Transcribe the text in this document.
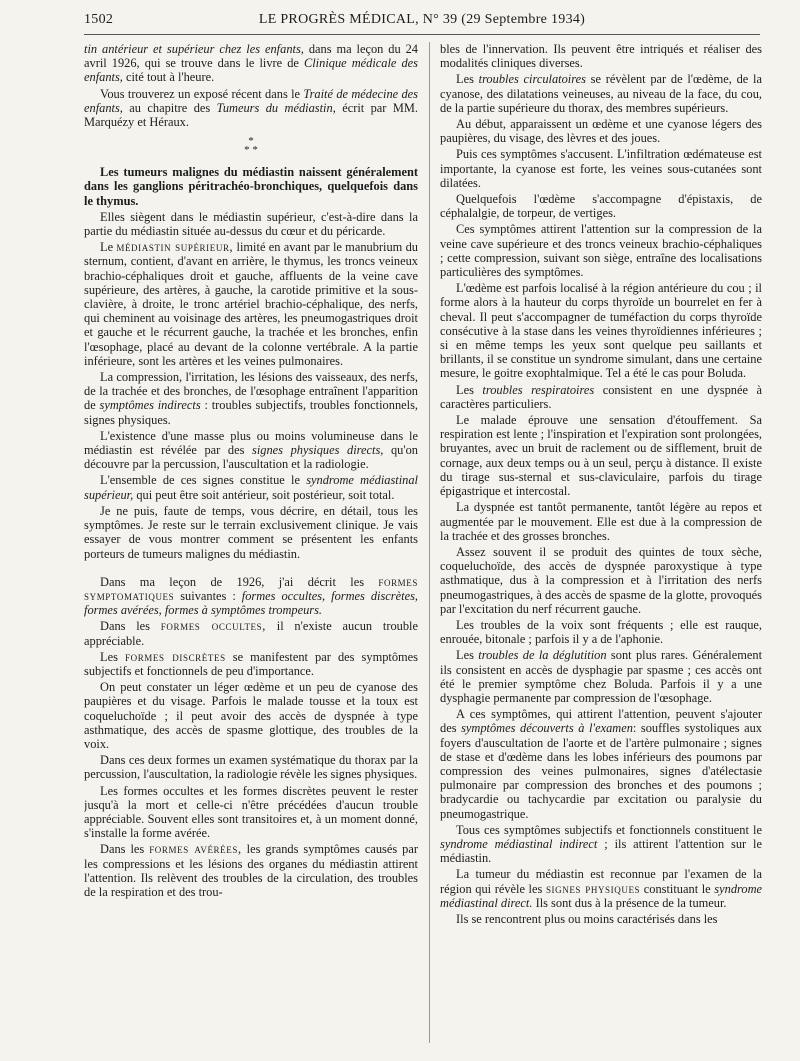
1502	LE PROGRÈS MÉDICAL, N° 39 (29 Septembre 1934)

tin antérieur et supérieur chez les enfants, dans ma leçon du 24 avril 1926, qui se trouve dans le livre de Clinique médicale des enfants, cité tout à l'heure.

Vous trouverez un exposé récent dans le Traité de médecine des enfants, au chapitre des Tumeurs du médiastin, écrit par MM. Marquézy et Héraux.

*
* *

Les tumeurs malignes du médiastin naissent généralement dans les ganglions péritrachéo-bronchiques, quelquefois dans le thymus.

Elles siègent dans le médiastin supérieur, c'est-à-dire dans la partie du médiastin située au-dessus du cœur et du péricarde.

Le médiastin supérieur, limité en avant par le manubrium du sternum, contient, d'avant en arrière, le thymus, les troncs veineux brachio-céphaliques droit et gauche, affluents de la veine cave supérieure, des artères, à gauche, la carotide primitive et la sous-clavière, à droite, le tronc artériel brachio-céphalique, des nerfs, qui cheminent au voisinage des artères, les pneumogastriques droit et gauche et le récurrent gauche, la trachée et les bronches, enfin l'œsophage, placé au devant de la colonne vertébrale. A la partie inférieure, sont les artères et les veines pulmonaires.

La compression, l'irritation, les lésions des vaisseaux, des nerfs, de la trachée et des bronches, de l'œsophage entraînent l'apparition de symptômes indirects : troubles subjectifs, troubles fonctionnels, signes physiques.

L'existence d'une masse plus ou moins volumineuse dans le médiastin est révélée par des signes physiques directs, qu'on découvre par la percussion, l'auscultation et la radiologie.

L'ensemble de ces signes constitue le syndrome médiastinal supérieur, qui peut être soit antérieur, soit postérieur, soit total.

Je ne puis, faute de temps, vous décrire, en détail, tous les symptômes. Je reste sur le terrain exclusivement clinique. Je vais essayer de vous montrer comment se présentent les enfants porteurs de tumeurs malignes du médiastin.

Dans ma leçon de 1926, j'ai décrit les formes symptomatiques suivantes : formes occultes, formes discrètes, formes avérées, formes à symptômes trompeurs.

Dans les formes occultes, il n'existe aucun trouble appréciable.

Les formes discrètes se manifestent par des symptômes subjectifs et fonctionnels de peu d'importance.

On peut constater un léger œdème et un peu de cyanose des paupières et du visage. Parfois le malade tousse et la toux est coqueluchoïde ; il peut avoir des accès de dyspnée à type asthmatique, des accès de spasme glottique, des troubles de la voix.

Dans ces deux formes un examen systématique du thorax par la percussion, l'auscultation, la radiologie révèle les signes physiques.

Les formes occultes et les formes discrètes peuvent le rester jusqu'à la mort et celle-ci n'être précédées d'aucun trouble appréciable. Souvent elles sont transitoires et, à un moment donné, s'installe la forme avérée.

Dans les formes avérées, les grands symptômes causés par les compressions et les lésions des organes du médiastin attirent l'attention. Ils relèvent des troubles de la circulation, des troubles de la respiration et des trou-

bles de l'innervation. Ils peuvent être intriqués et réaliser des modalités cliniques diverses.

Les troubles circulatoires se révèlent par de l'œdème, de la cyanose, des dilatations veineuses, au niveau de la face, du cou, de la partie supérieure du thorax, des membres supérieurs.

Au début, apparaissent un œdème et une cyanose légers des paupières, du visage, des lèvres et des joues.

Puis ces symptômes s'accusent. L'infiltration œdémateuse est importante, la cyanose est forte, les veines sous-cutanées sont dilatées.

Quelquefois l'œdème s'accompagne d'épistaxis, de céphalalgie, de torpeur, de vertiges.

Ces symptômes attirent l'attention sur la compression de la veine cave supérieure et des troncs veineux brachio-céphaliques ; cette compression, suivant son siège, entraîne des localisations particulières des symptômes.

L'œdème est parfois localisé à la région antérieure du cou ; il forme alors à la hauteur du corps thyroïde un bourrelet en fer à cheval. Il peut s'accompagner de tuméfaction du corps thyroïde consécutive à la stase dans les veines thyroïdiennes inférieures ; si en même temps les yeux sont quelque peu saillants et brillants, il se constitue un syndrome simulant, dans une certaine mesure, le goitre exophtalmique. Tel a été le cas pour Boluda.

Les troubles respiratoires consistent en une dyspnée à caractères particuliers.

Le malade éprouve une sensation d'étouffement. Sa respiration est lente ; l'inspiration et l'expiration sont prolongées, bruyantes, avec un bruit de raclement ou de sifflement, bruit de cornage, aux deux temps ou à un seul, perçu à distance. Il existe du tirage sus-sternal et sus-claviculaire, parfois du tirage épigastrique et intercostal.

La dyspnée est tantôt permanente, tantôt légère au repos et augmentée par le mouvement. Elle est due à la compression de la trachée et des grosses bronches.

Assez souvent il se produit des quintes de toux sèche, coqueluchoïde, des accès de dyspnée paroxystique à type asthmatique, dus à la compression et à l'irritation des nerfs pneumogastriques, à des accès de spasme de la glotte, provoqués par l'excitation du nerf récurrent gauche.

Les troubles de la voix sont fréquents ; elle est rauque, enrouée, bitonale ; parfois il y a de l'aphonie.

Les troubles de la déglutition sont plus rares. Généralement ils consistent en accès de dysphagie par spasme ; ces accès ont été le premier symptôme chez Boluda. Parfois il y a une dysphagie permanente par compression de l'œsophage.

A ces symptômes, qui attirent l'attention, peuvent s'ajouter des symptômes découverts à l'examen: souffles systoliques aux foyers d'auscultation de l'aorte et de l'artère pulmonaire ; signes de stase et d'œdème dans les lobes inférieurs des poumons par compression des veines pulmonaires, signes d'atélectasie pulmonaire par compression des bronches et des poumons ; bradycardie ou tachycardie par excitation ou paralysie du pneumogastrique.

Tous ces symptômes subjectifs et fonctionnels constituent le syndrome médiastinal indirect ; ils attirent l'attention sur le médiastin.

La tumeur du médiastin est reconnue par l'examen de la région qui révèle les signes physiques constituant le syndrome médiastinal direct. Ils sont dus à la présence de la tumeur.

Ils se rencontrent plus ou moins caractérisés dans les
